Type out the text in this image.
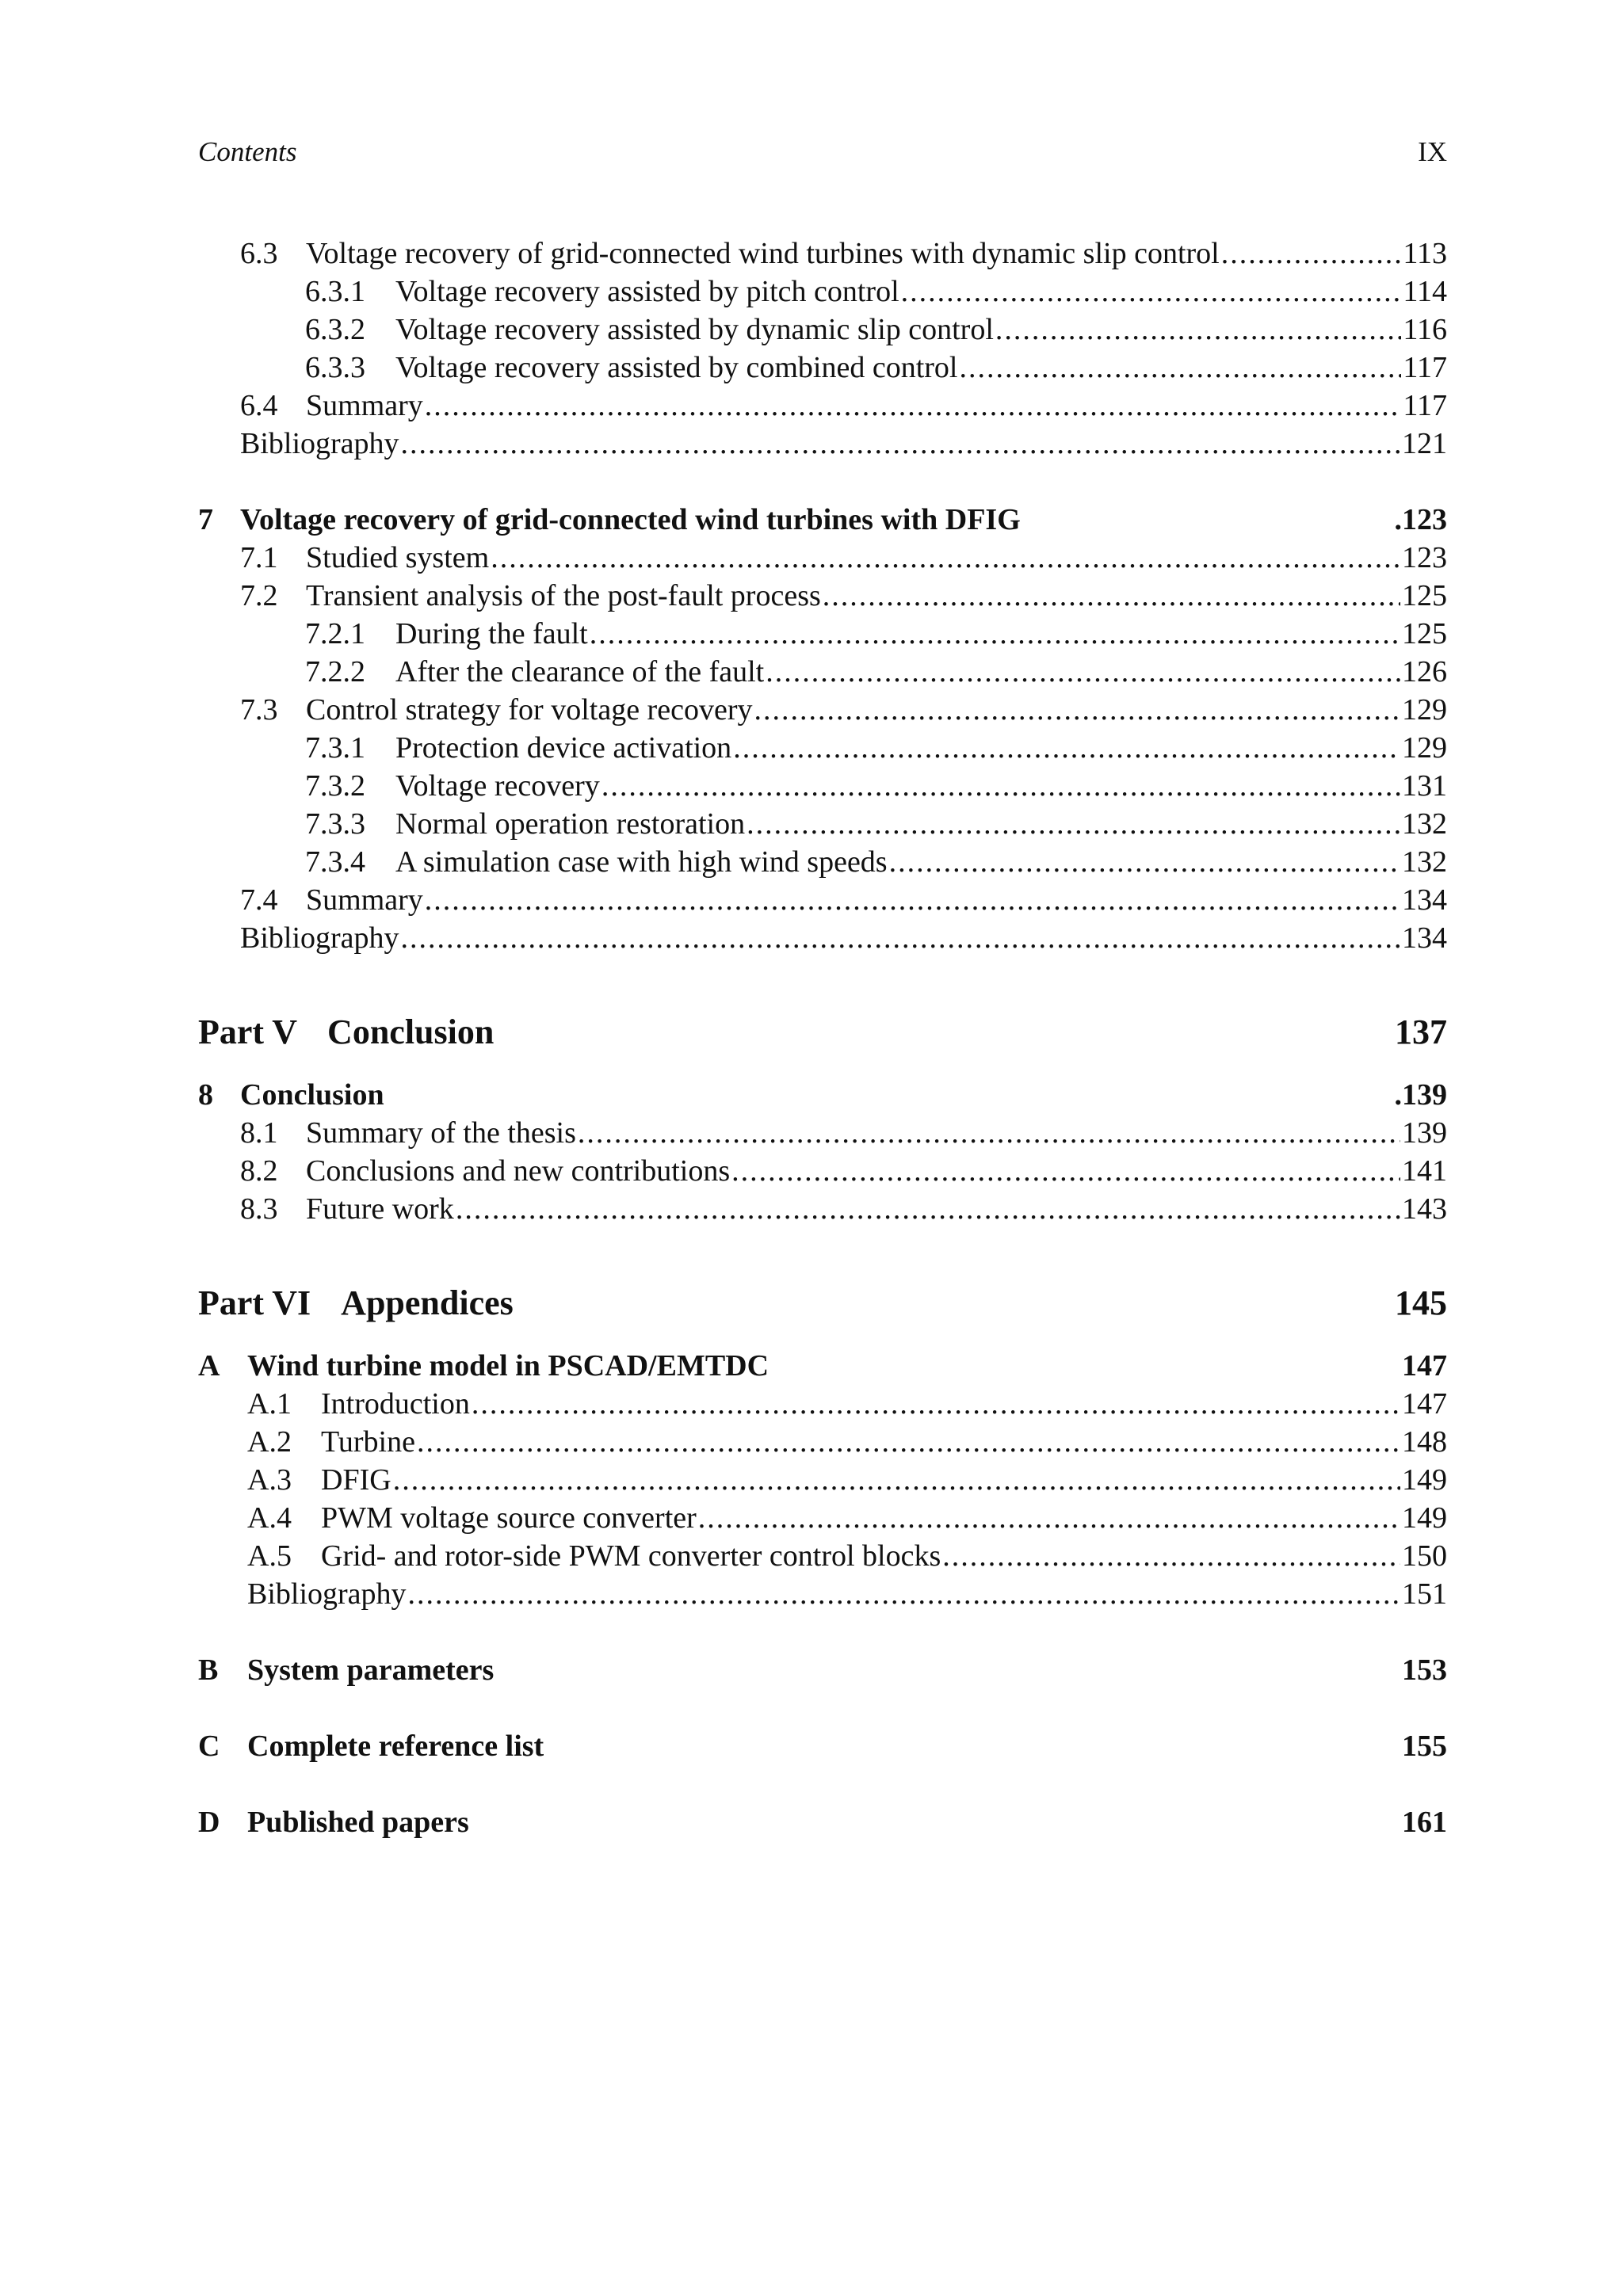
Contents	IX
6.3 Voltage recovery of grid-connected wind turbines with dynamic slip control .....	113
6.3.1	Voltage recovery assisted by pitch control .....	114
6.3.2	Voltage recovery assisted by dynamic slip control .....	116
6.3.3	Voltage recovery assisted by combined control .....	117
6.4 Summary .....	117
Bibliography .....	121
7 Voltage recovery of grid-connected wind turbines with DFIG	.123
7.1 Studied system .....	123
7.2 Transient analysis of the post-fault process .....	125
7.2.1	During the fault .....	125
7.2.2	After the clearance of the fault .....	126
7.3 Control strategy for voltage recovery .....	129
7.3.1	Protection device activation .....	129
7.3.2	Voltage recovery .....	131
7.3.3	Normal operation restoration .....	132
7.3.4	A simulation case with high wind speeds .....	132
7.4 Summary .....	134
Bibliography .....	134
Part V Conclusion	137
8 Conclusion	.139
8.1 Summary of the thesis .....	139
8.2 Conclusions and new contributions .....	141
8.3 Future work .....	143
Part VI Appendices	145
A Wind turbine model in PSCAD/EMTDC	147
A.1 Introduction .....	147
A.2 Turbine .....	148
A.3 DFIG .....	149
A.4 PWM voltage source converter .....	149
A.5 Grid- and rotor-side PWM converter control blocks .....	150
Bibliography .....	151
B System parameters	153
C Complete reference list	155
D Published papers	161
